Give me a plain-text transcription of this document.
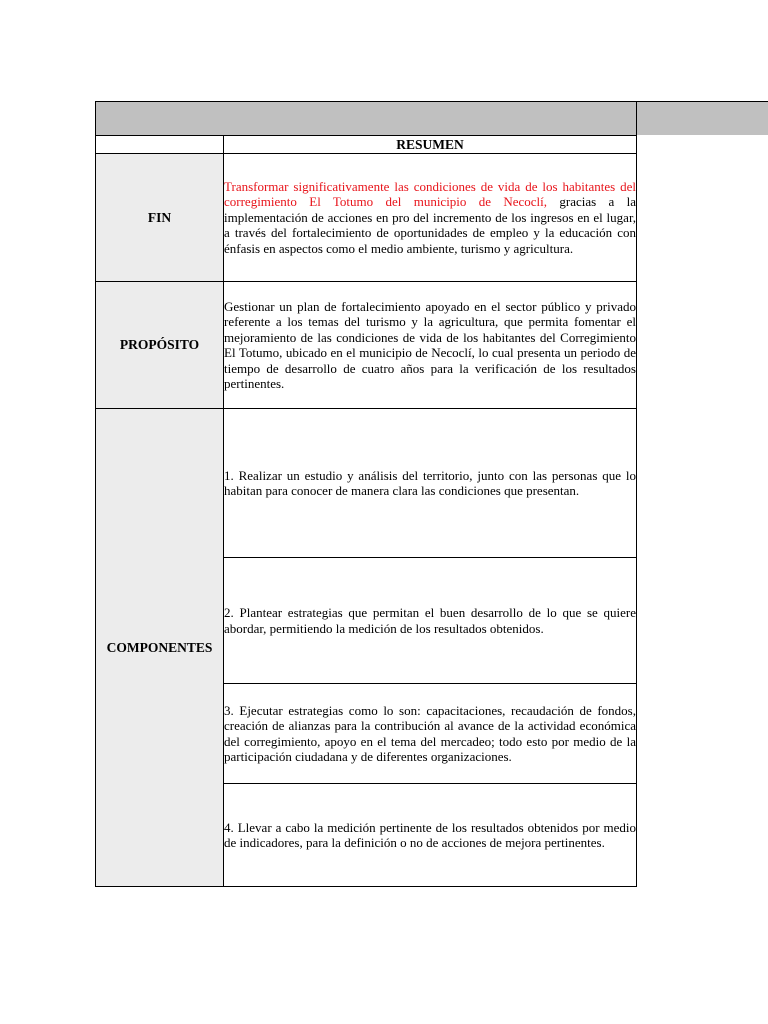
	RESUMEN
FIN	Transformar significativamente las condiciones de vida de los habitantes del corregimiento El Totumo del municipio de Necoclí, gracias a la implementación de acciones en pro del incremento de los ingresos en el lugar, a través del fortalecimiento de oportunidades de empleo y la educación con énfasis en aspectos como el medio ambiente, turismo y agricultura.
PROPÓSITO	Gestionar un plan de fortalecimiento apoyado en el sector público y privado referente a los temas del turismo y la agricultura, que permita fomentar el mejoramiento de las condiciones de vida de los habitantes del Corregimiento El Totumo, ubicado en el municipio de Necoclí, lo cual presenta un periodo de tiempo de desarrollo de cuatro años para la verificación de los resultados pertinentes.
COMPONENTES	1. Realizar un estudio y análisis del territorio, junto con las personas que lo habitan para conocer de manera clara las condiciones que presentan.
	2. Plantear estrategias que permitan el buen desarrollo de lo que se quiere abordar, permitiendo la medición de los resultados obtenidos.
	3. Ejecutar estrategias como lo son: capacitaciones, recaudación de fondos, creación de alianzas para la contribución al avance de la actividad económica del corregimiento, apoyo en el tema del mercadeo; todo esto por medio de la participación ciudadana y de diferentes organizaciones.
	4. Llevar a cabo la medición pertinente de los resultados obtenidos por medio de indicadores, para la definición o no de acciones de mejora pertinentes.
